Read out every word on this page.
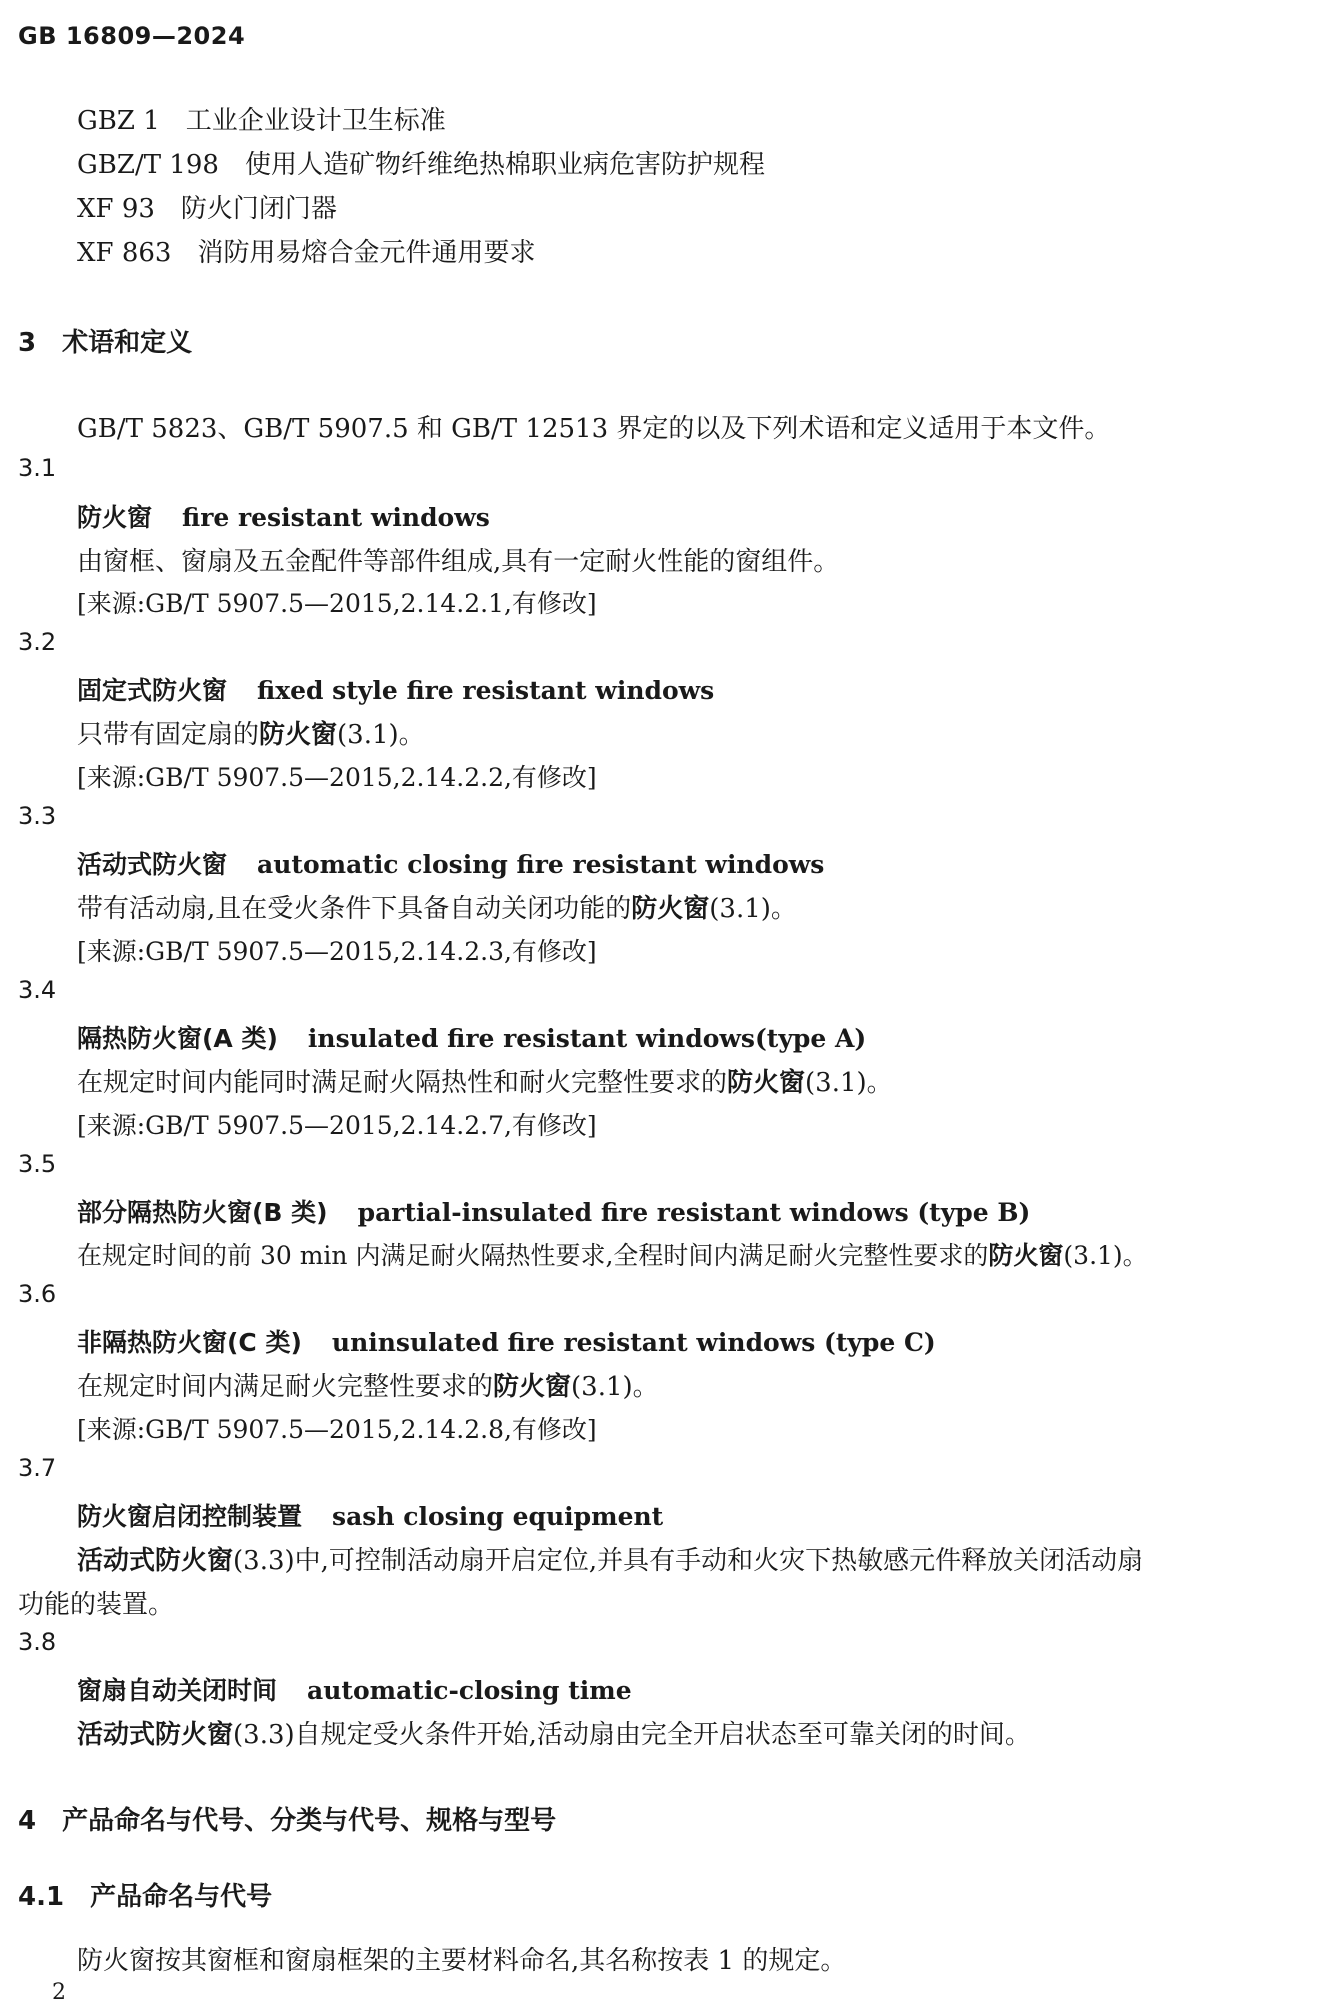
GB 16809—2024
GBZ 1 工业企业设计卫生标准
GBZ/T 198 使用人造矿物纤维绝热棉职业病危害防护规程
XF 93 防火门闭门器
XF 863 消防用易熔合金元件通用要求
3 术语和定义
GB/T 5823、GB/T 5907.5 和 GB/T 12513 界定的以及下列术语和定义适用于本文件。
3.1
防火窗 fire resistant windows
由窗框、窗扇及五金配件等部件组成,具有一定耐火性能的窗组件。
[来源:GB/T 5907.5—2015,2.14.2.1,有修改]
3.2
固定式防火窗 fixed style fire resistant windows
只带有固定扇的防火窗(3.1)。
[来源:GB/T 5907.5—2015,2.14.2.2,有修改]
3.3
活动式防火窗 automatic closing fire resistant windows
带有活动扇,且在受火条件下具备自动关闭功能的防火窗(3.1)。
[来源:GB/T 5907.5—2015,2.14.2.3,有修改]
3.4
隔热防火窗(A 类) insulated fire resistant windows(type A)
在规定时间内能同时满足耐火隔热性和耐火完整性要求的防火窗(3.1)。
[来源:GB/T 5907.5—2015,2.14.2.7,有修改]
3.5
部分隔热防火窗(B 类) partial-insulated fire resistant windows (type B)
在规定时间的前 30 min 内满足耐火隔热性要求,全程时间内满足耐火完整性要求的防火窗(3.1)。
3.6
非隔热防火窗(C 类) uninsulated fire resistant windows (type C)
在规定时间内满足耐火完整性要求的防火窗(3.1)。
[来源:GB/T 5907.5—2015,2.14.2.8,有修改]
3.7
防火窗启闭控制装置 sash closing equipment
活动式防火窗(3.3)中,可控制活动扇开启定位,并具有手动和火灾下热敏感元件释放关闭活动扇
功能的装置。
3.8
窗扇自动关闭时间 automatic-closing time
活动式防火窗(3.3)自规定受火条件开始,活动扇由完全开启状态至可靠关闭的时间。
4 产品命名与代号、分类与代号、规格与型号
4.1 产品命名与代号
防火窗按其窗框和窗扇框架的主要材料命名,其名称按表 1 的规定。
2
